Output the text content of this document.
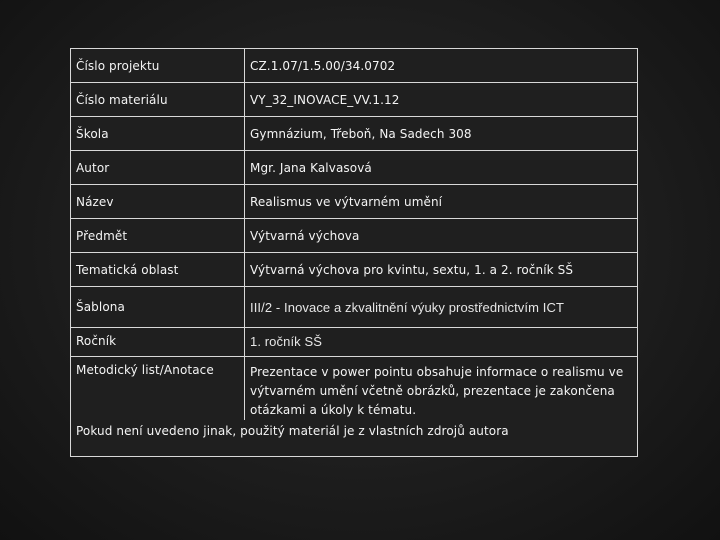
Číslo projektu	CZ.1.07/1.5.00/34.0702
Číslo materiálu	VY_32_INOVACE_VV.1.12
Škola	Gymnázium, Třeboň, Na Sadech 308
Autor	Mgr. Jana Kalvasová
Název	Realismus ve výtvarném umění
Předmět	Výtvarná výchova
Tematická oblast	Výtvarná výchova pro kvintu, sextu, 1. a 2. ročník SŠ
Šablona	III/2 - Inovace a zkvalitnění výuky prostřednictvím ICT
Ročník	1. ročník SŠ
Metodický list/Anotace	Prezentace v power pointu obsahuje informace o realismu ve výtvarném umění včetně obrázků, prezentace je zakončena otázkami a úkoly k tématu.
Pokud není uvedeno jinak, použitý materiál je z vlastních zdrojů autora	
